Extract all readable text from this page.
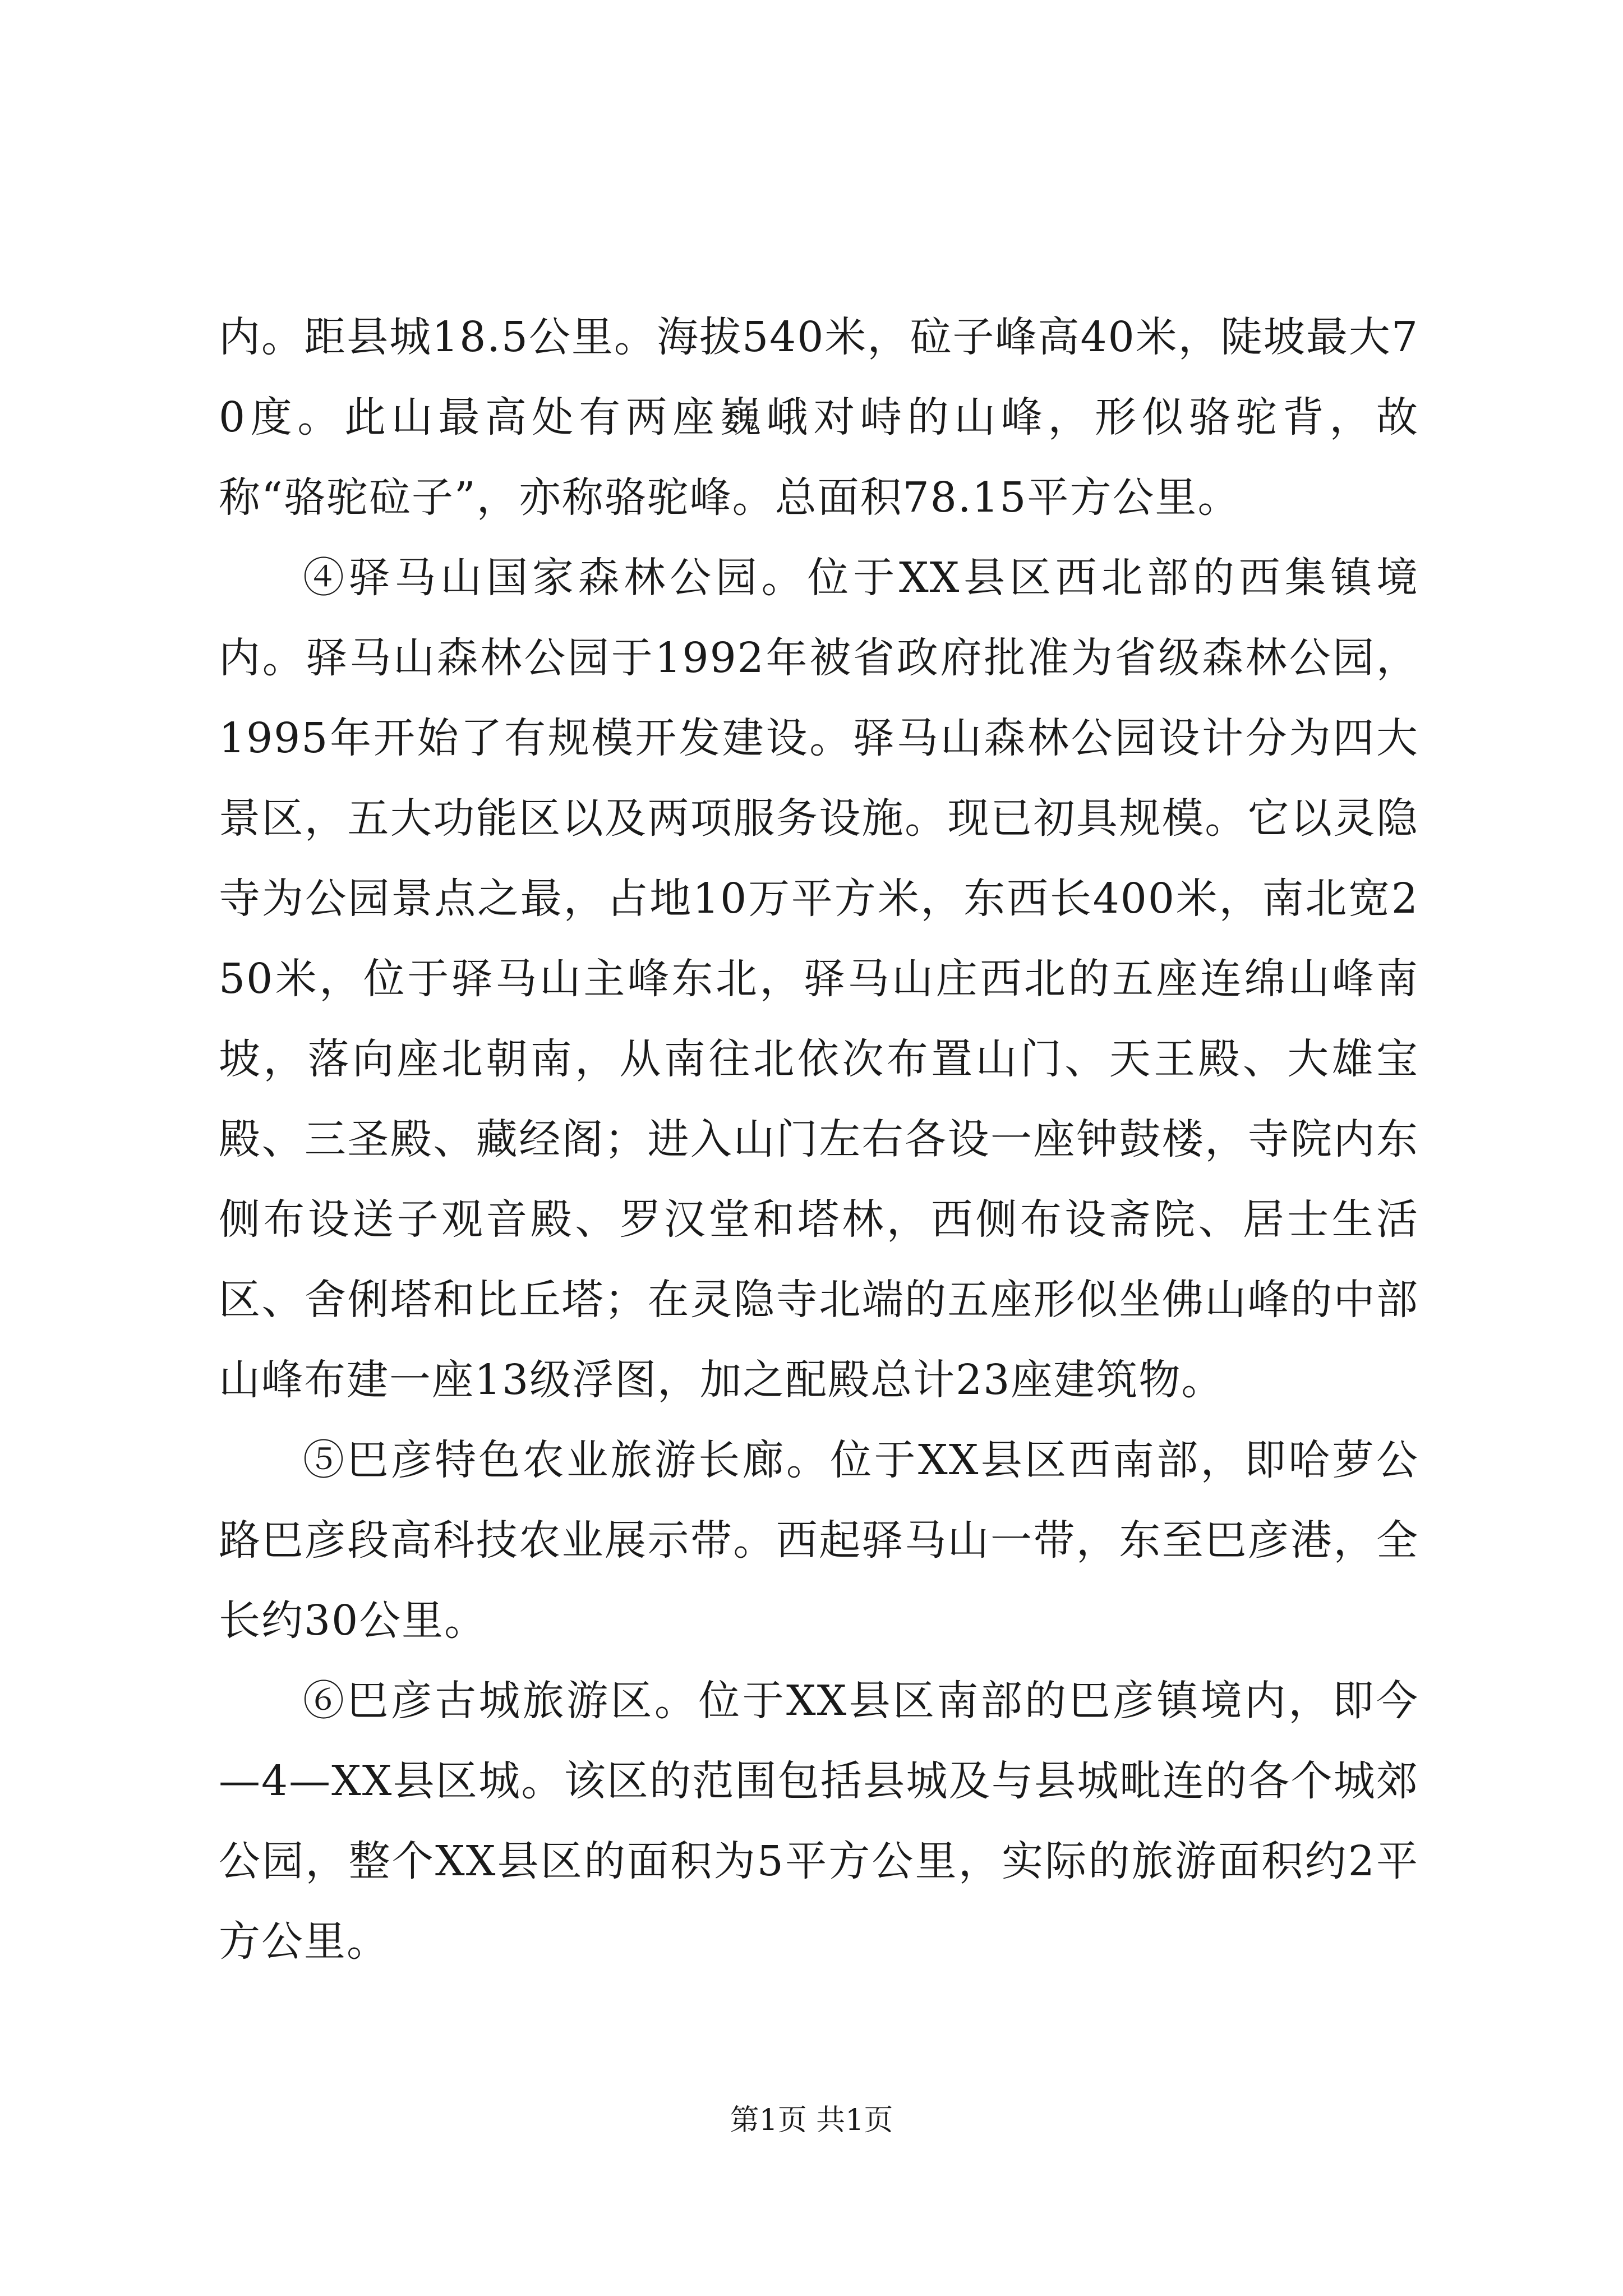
内。距县城18.5公里。海拔540米，砬子峰高40米，陡坡最大70度。此山最高处有两座巍峨对峙的山峰，形似骆驼背，故称“骆驼砬子”，亦称骆驼峰。总面积78.15平方公里。

④驿马山国家森林公园。位于XX县区西北部的西集镇境内。驿马山森林公园于1992年被省政府批准为省级森林公园，1995年开始了有规模开发建设。驿马山森林公园设计分为四大景区，五大功能区以及两项服务设施。现已初具规模。它以灵隐寺为公园景点之最，占地10万平方米，东西长400米，南北宽250米，位于驿马山主峰东北，驿马山庄西北的五座连绵山峰南坡，落向座北朝南，从南往北依次布置山门、天王殿、大雄宝殿、三圣殿、藏经阁；进入山门左右各设一座钟鼓楼，寺院内东侧布设送子观音殿、罗汉堂和塔林，西侧布设斋院、居士生活区、舍俐塔和比丘塔；在灵隐寺北端的五座形似坐佛山峰的中部山峰布建一座13级浮图，加之配殿总计23座建筑物。

⑤巴彦特色农业旅游长廊。位于XX县区西南部，即哈萝公路巴彦段高科技农业展示带。西起驿马山一带，东至巴彦港，全长约30公里。

⑥巴彦古城旅游区。位于XX县区南部的巴彦镇境内，即今—4—XX县区城。该区的范围包括县城及与县城毗连的各个城郊公园，整个XX县区的面积为5平方公里，实际的旅游面积约2平方公里。

第1页 共1页
